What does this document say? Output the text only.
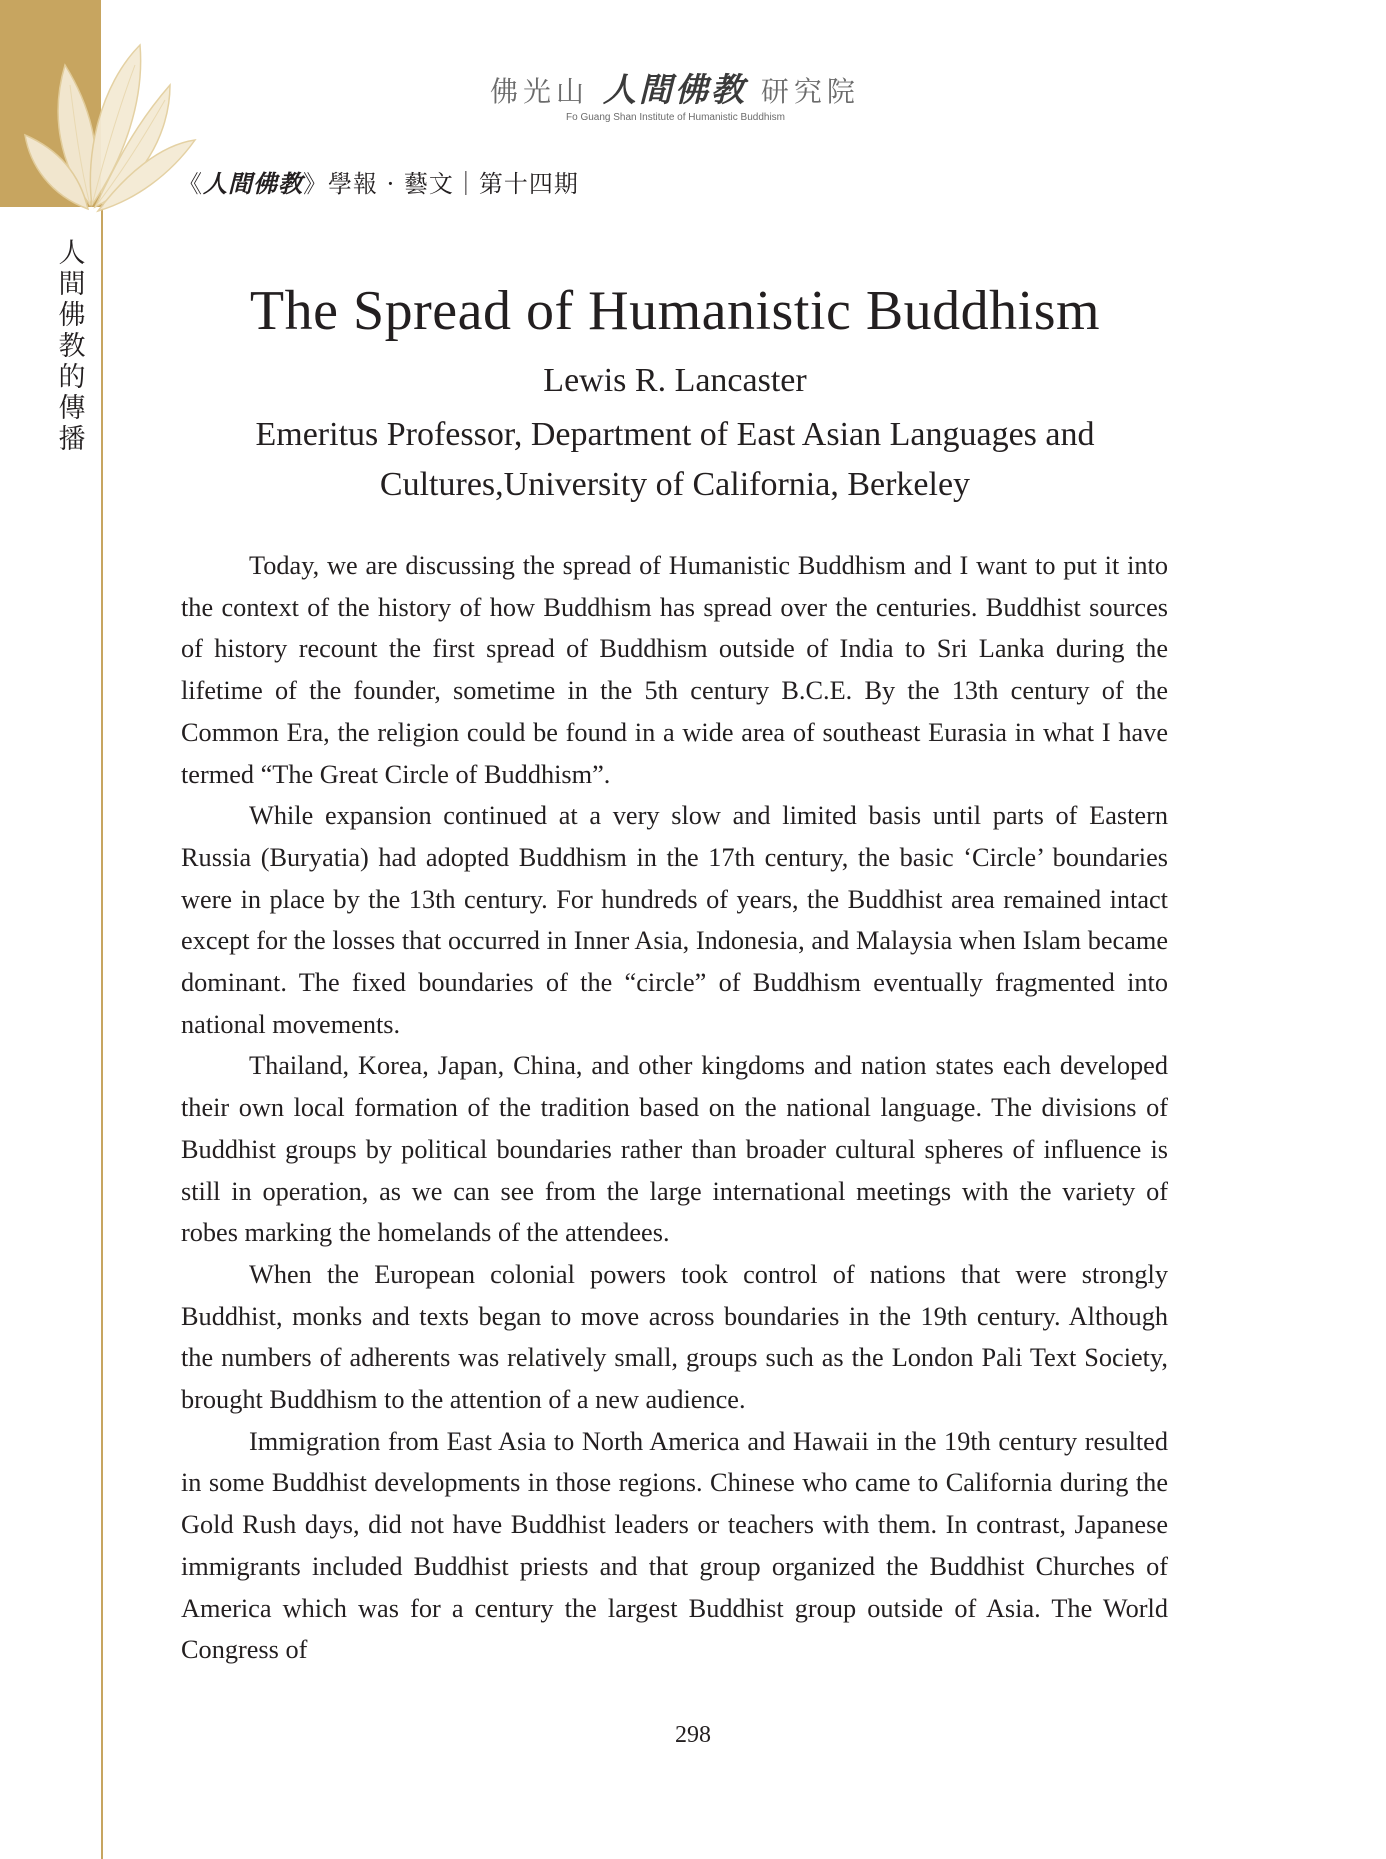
人間佛教的傳播
佛光山 人間佛教 研究院
Fo Guang Shan Institute of Humanistic Buddhism
《人間佛教》學報 · 藝文｜第十四期
The Spread of Humanistic Buddhism
Lewis R. Lancaster
Emeritus Professor, Department of East Asian Languages and Cultures,University of California, Berkeley

Today, we are discussing the spread of Humanistic Buddhism and I want to put it into the context of the history of how Buddhism has spread over the centuries. Buddhist sources of history recount the first spread of Buddhism outside of India to Sri Lanka during the lifetime of the founder, sometime in the 5th century B.C.E. By the 13th century of the Common Era, the religion could be found in a wide area of southeast Eurasia in what I have termed “The Great Circle of Buddhism”.

While expansion continued at a very slow and limited basis until parts of Eastern Russia (Buryatia) had adopted Buddhism in the 17th century, the basic ‘Circle’ boundaries were in place by the 13th century. For hundreds of years, the Buddhist area remained intact except for the losses that occurred in Inner Asia, Indonesia, and Malaysia when Islam became dominant. The fixed boundaries of the “circle” of Buddhism eventually fragmented into national movements.

Thailand, Korea, Japan, China, and other kingdoms and nation states each developed their own local formation of the tradition based on the national language. The divisions of Buddhist groups by political boundaries rather than broader cultural spheres of influence is still in operation, as we can see from the large international meetings with the variety of robes marking the homelands of the attendees.

When the European colonial powers took control of nations that were strongly Buddhist, monks and texts began to move across boundaries in the 19th century. Although the numbers of adherents was relatively small, groups such as the London Pali Text Society, brought Buddhism to the attention of a new audience.

Immigration from East Asia to North America and Hawaii in the 19th century resulted in some Buddhist developments in those regions. Chinese who came to California during the Gold Rush days, did not have Buddhist leaders or teachers with them. In contrast, Japanese immigrants included Buddhist priests and that group organized the Buddhist Churches of America which was for a century the largest Buddhist group outside of Asia. The World Congress of

298
